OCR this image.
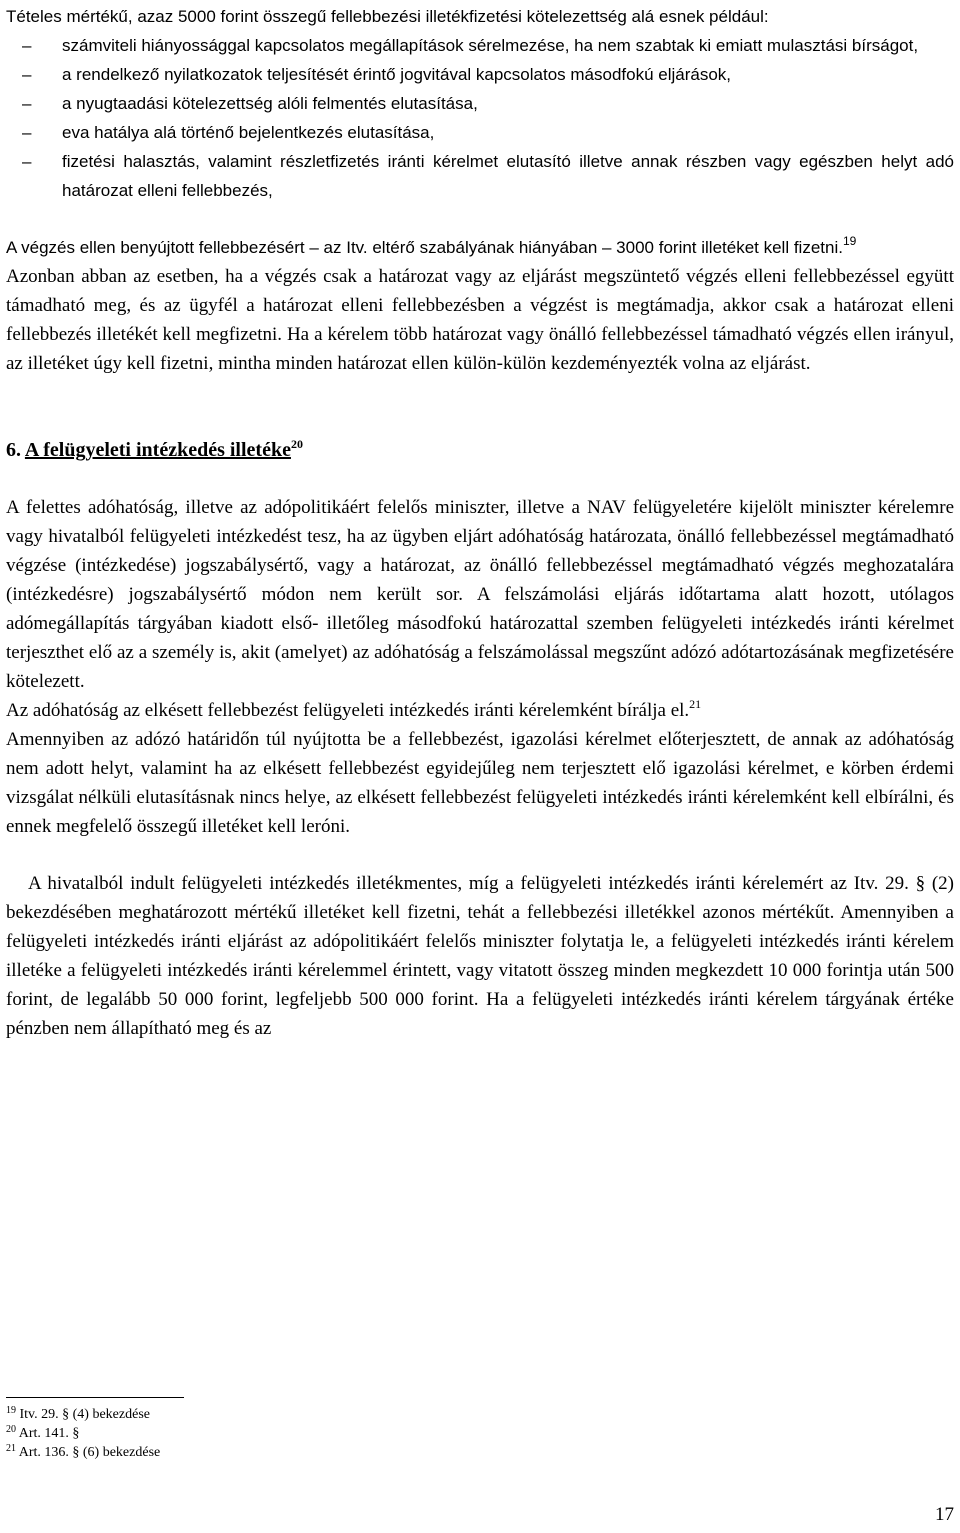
Tételes mértékű, azaz 5000 forint összegű fellebbezési illetékfizetési kötelezettség alá esnek például:

– számviteli hiányossággal kapcsolatos megállapítások sérelmezése, ha nem szabtak ki emiatt mulasztási bírságot,
– a rendelkező nyilatkozatok teljesítését érintő jogvitával kapcsolatos másodfokú eljárások,
– a nyugtaadási kötelezettség alóli felmentés elutasítása,
– eva hatálya alá történő bejelentkezés elutasítása,
– fizetési halasztás, valamint részletfizetés iránti kérelmet elutasító illetve annak részben vagy egészben helyt adó határozat elleni fellebbezés,

A végzés ellen benyújtott fellebbezésért – az Itv. eltérő szabályának hiányában – 3000 forint illetéket kell fizetni.$^{19}$

Azonban abban az esetben, ha a végzés csak a határozat vagy az eljárást megszüntető végzés elleni fellebbezéssel együtt támadható meg, és az ügyfél a határozat elleni fellebbezésben a végzést is megtámadja, akkor csak a határozat elleni fellebbezés illetékét kell megfizetni. Ha a kérelem több határozat vagy önálló fellebbezéssel támadható végzés ellen irányul, az illetéket úgy kell fizetni, mintha minden határozat ellen külön-külön kezdeményezték volna az eljárást.

6. A felügyeleti intézkedés illetéke$^{20}$

A felettes adóhatóság, illetve az adópolitikáért felelős miniszter, illetve a NAV felügyeletére kijelölt miniszter kérelemre vagy hivatalból felügyeleti intézkedést tesz, ha az ügyben eljárt adóhatóság határozata, önálló fellebbezéssel megtámadható végzése (intézkedése) jogszabálysértő, vagy a határozat, az önálló fellebbezéssel megtámadható végzés meghozatalára (intézkedésre) jogszabálysértő módon nem került sor. A felszámolási eljárás időtartama alatt hozott, utólagos adómegállapítás tárgyában kiadott első- illetőleg másodfokú határozattal szemben felügyeleti intézkedés iránti kérelmet terjeszthet elő az a személy is, akit (amelyet) az adóhatóság a felszámolással megszűnt adózó adótartozásának megfizetésére kötelezett.

Az adóhatóság az elkésett fellebbezést felügyeleti intézkedés iránti kérelemként bírálja el.$^{21}$

Amennyiben az adózó határidőn túl nyújtotta be a fellebbezést, igazolási kérelmet előterjesztett, de annak az adóhatóság nem adott helyt, valamint ha az elkésett fellebbezést egyidejűleg nem terjesztett elő igazolási kérelmet, e körben érdemi vizsgálat nélküli elutasításnak nincs helye, az elkésett fellebbezést felügyeleti intézkedés iránti kérelemként kell elbírálni, és ennek megfelelő összegű illetéket kell leróni.

A hivatalból indult felügyeleti intézkedés illetékmentes, míg a felügyeleti intézkedés iránti kérelemért az Itv. 29. § (2) bekezdésében meghatározott mértékű illetéket kell fizetni, tehát a fellebbezési illetékkel azonos mértékűt. Amennyiben a felügyeleti intézkedés iránti eljárást az adópolitikáért felelős miniszter folytatja le, a felügyeleti intézkedés iránti kérelem illetéke a felügyeleti intézkedés iránti kérelemmel érintett, vagy vitatott összeg minden megkezdett 10 000 forintja után 500 forint, de legalább 50 000 forint, legfeljebb 500 000 forint. Ha a felügyeleti intézkedés iránti kérelem tárgyának értéke pénzben nem állapítható meg és az

$^{19}$ Itv. 29. § (4) bekezdése
$^{20}$ Art. 141. §
$^{21}$ Art. 136. § (6) bekezdése
17
